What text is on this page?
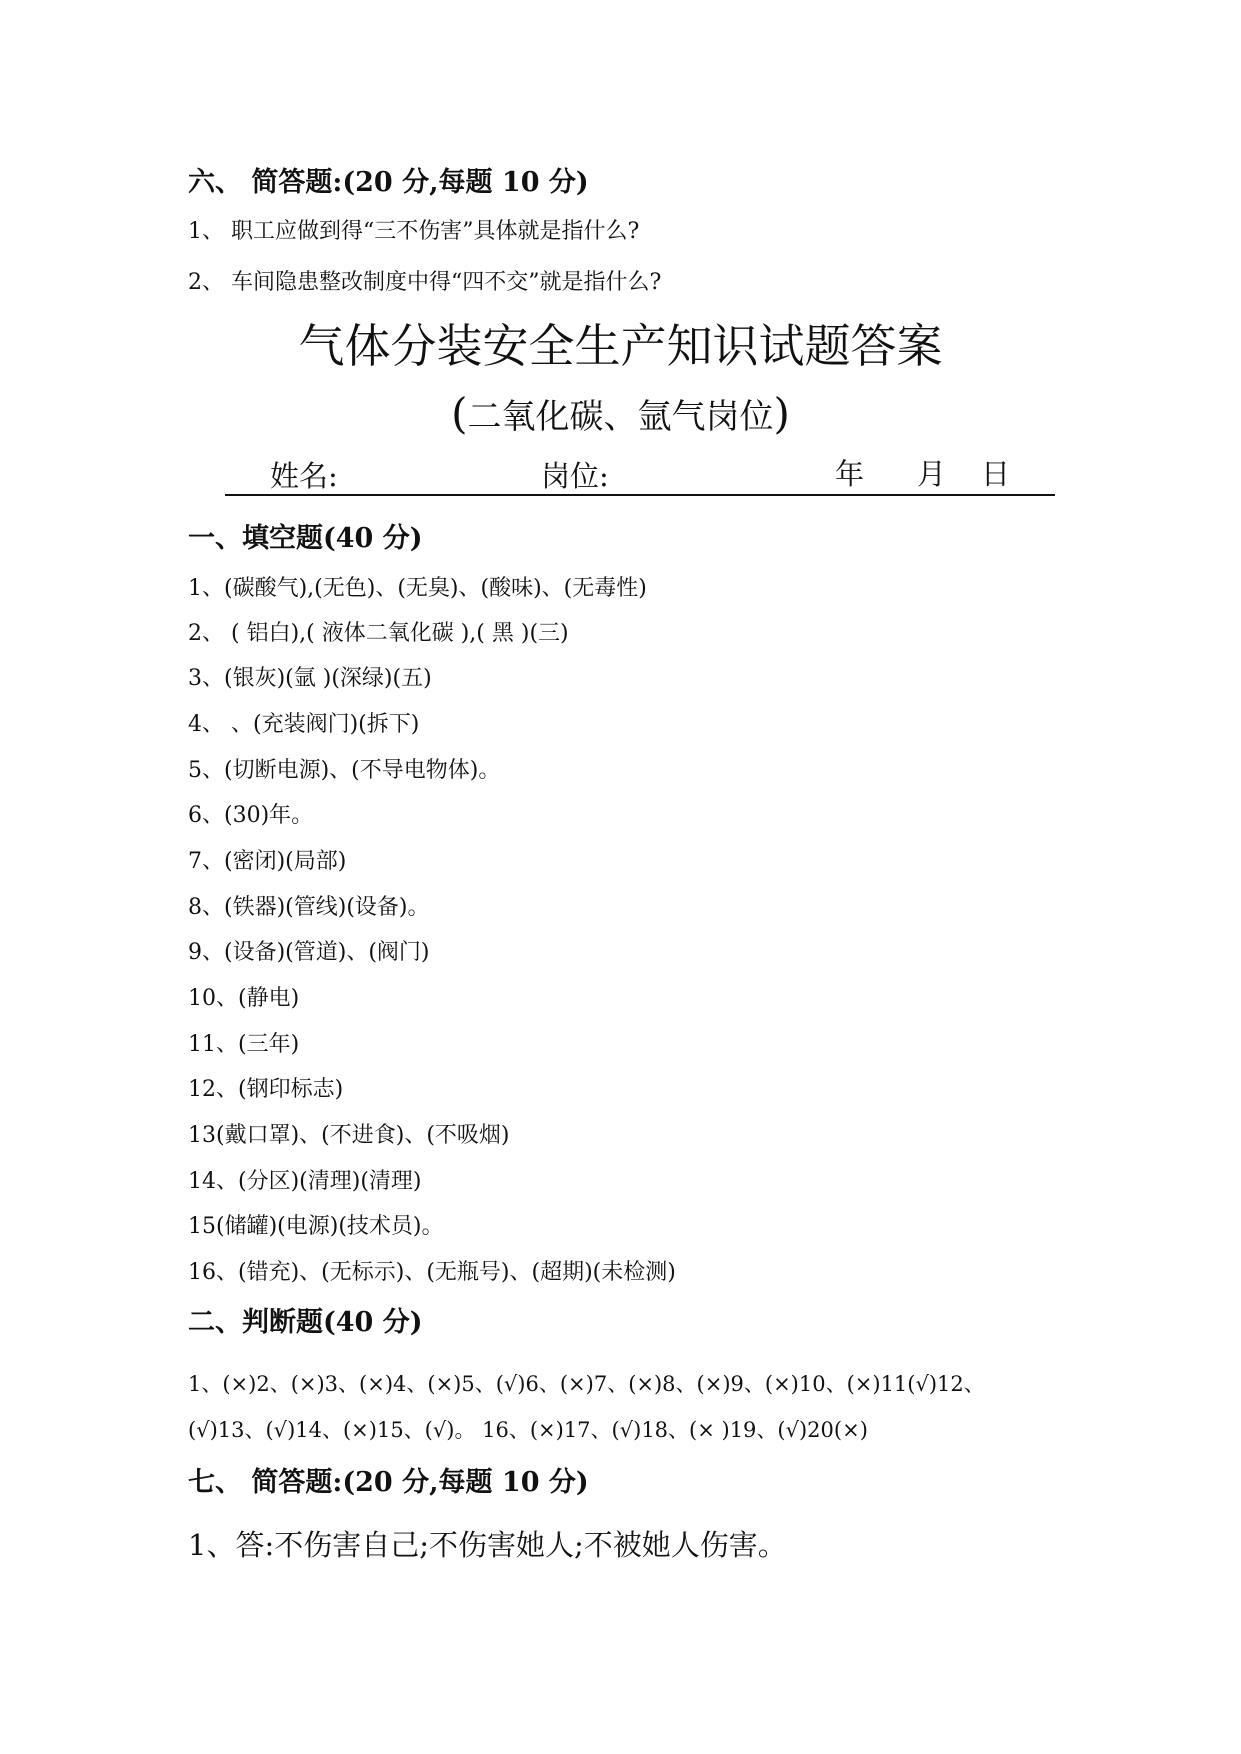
六、 简答题:(20 分,每题 10 分)
1、 职工应做到得“三不伤害”具体就是指什么?
2、 车间隐患整改制度中得“四不交”就是指什么?
气体分装安全生产知识试题答案
(二氧化碳、氩气岗位)
姓名:	岗位:	年 月 日
一、填空题(40 分)
1、(碳酸气),(无色)、(无臭)、(酸味)、(无毒性)
2、 ( 铝白),( 液体二氧化碳 ),( 黑 )(三)
3、(银灰)(氩 )(深绿)(五)
4、 、(充装阀门)(拆下)
5、(切断电源)、(不导电物体)。
6、(30)年。
7、(密闭)(局部)
8、(铁器)(管线)(设备)。
9、(设备)(管道)、(阀门)
10、(静电)
11、(三年)
12、(钢印标志)
13(戴口罩)、(不进食)、(不吸烟)
14、(分区)(清理)(清理)
15(储罐)(电源)(技术员)。
16、(错充)、(无标示)、(无瓶号)、(超期)(未检测)
二、判断题(40 分)
1、(×)2、(×)3、(×)4、(×)5、(√)6、(×)7、(×)8、(×)9、(×)10、(×)11(√)12、
(√)13、(√)14、(×)15、(√)。 16、(×)17、(√)18、(× )19、(√)20(×)
七、 简答题:(20 分,每题 10 分)
1、答:不伤害自己;不伤害她人;不被她人伤害。
